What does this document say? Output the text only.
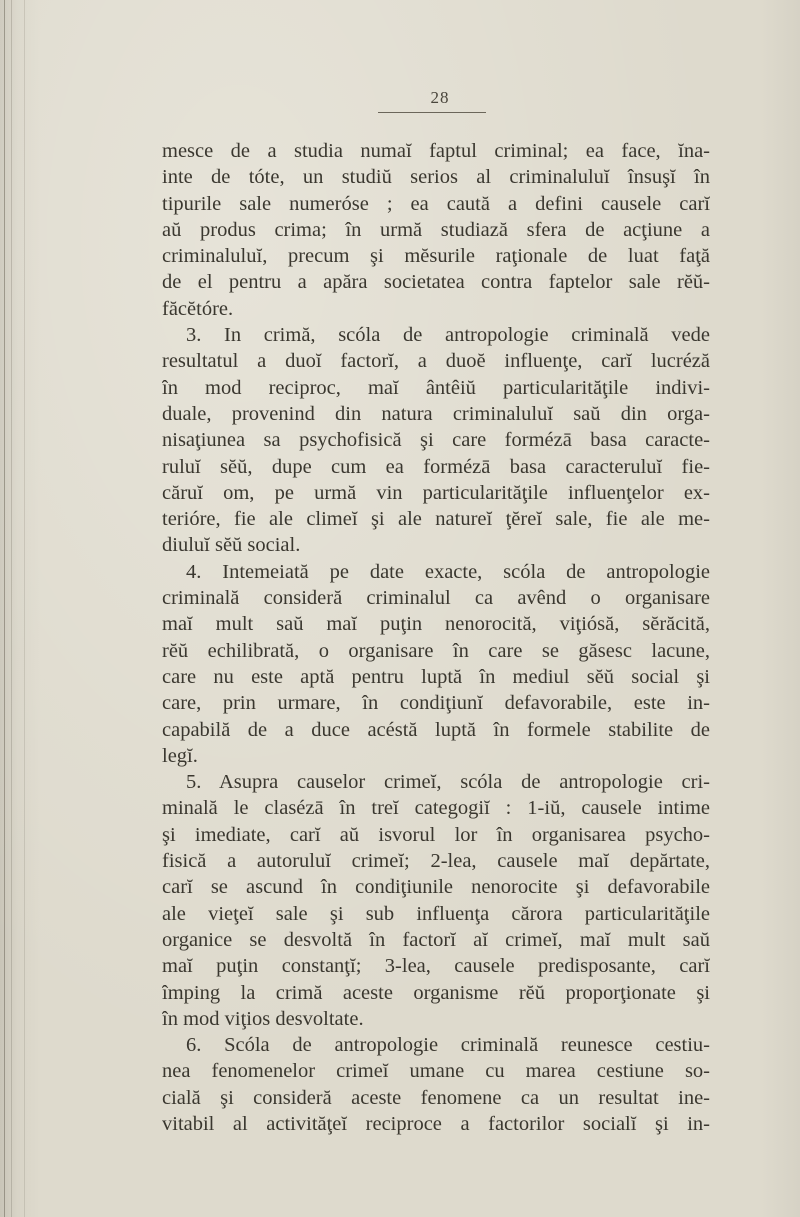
28
mesce de a studia numaĭ faptul criminal; ea face, ĭna-
inte de tóte, un studiŭ serios al criminaluluĭ însuşĭ în
tipurile sale numeróse ; ea caută a defini causele carĭ
aŭ produs crima; în urmă studiază sfera de acţiune a
criminaluluĭ, precum şi mĕsurile raţionale de luat faţă
de el pentru a apăra societatea contra faptelor sale rĕŭ-
făcĕtóre.
3. In crimă, scóla de antropologie criminală vede
resultatul a duoĭ factorĭ, a duoĕ influenţe, carĭ lucréză
în mod reciproc, maĭ ântêiŭ particularităţile indivi-
duale, provenind din natura criminaluluĭ saŭ din orga-
nisaţiunea sa psychofisică şi care formézā basa caracte-
ruluĭ sĕŭ, dupe cum ea formézā basa caracteruluĭ fie-
căruĭ om, pe urmă vin particularităţile influenţelor ex-
terióre, fie ale climeĭ şi ale natureĭ ţĕreĭ sale, fie ale me-
diuluĭ sĕŭ social.
4. Intemeiată pe date exacte, scóla de antropologie
criminală consideră criminalul ca avênd o organisare
maĭ mult saŭ maĭ puţin nenorocită, viţiósă, sĕrăcită,
rĕŭ echilibrată, o organisare în care se găsesc lacune,
care nu este aptă pentru luptă în mediul sĕŭ social şi
care, prin urmare, în condiţiunĭ defavorabile, este in-
capabilă de a duce acéstă luptă în formele stabilite de
legĭ.
5. Asupra causelor crimeĭ, scóla de antropologie cri-
minală le clasézā în treĭ categogiĭ : 1-iŭ, causele intime
şi imediate, carĭ aŭ isvorul lor în organisarea psycho-
fisică a autoruluĭ crimeĭ; 2-lea, causele maĭ depărtate,
carĭ se ascund în condiţiunile nenorocite şi defavorabile
ale vieţeĭ sale şi sub influenţa cărora particularităţile
organice se desvoltă în factorĭ aĭ crimeĭ, maĭ mult saŭ
maĭ puţin constanţĭ; 3-lea, causele predisposante, carĭ
împing la crimă aceste organisme rĕŭ proporţionate şi
în mod viţios desvoltate.
6. Scóla de antropologie criminală reunesce cestiu-
nea fenomenelor crimeĭ umane cu marea cestiune so-
cială şi consideră aceste fenomene ca un resultat ine-
vitabil al activităţeĭ reciproce a factorilor socialĭ şi in-
